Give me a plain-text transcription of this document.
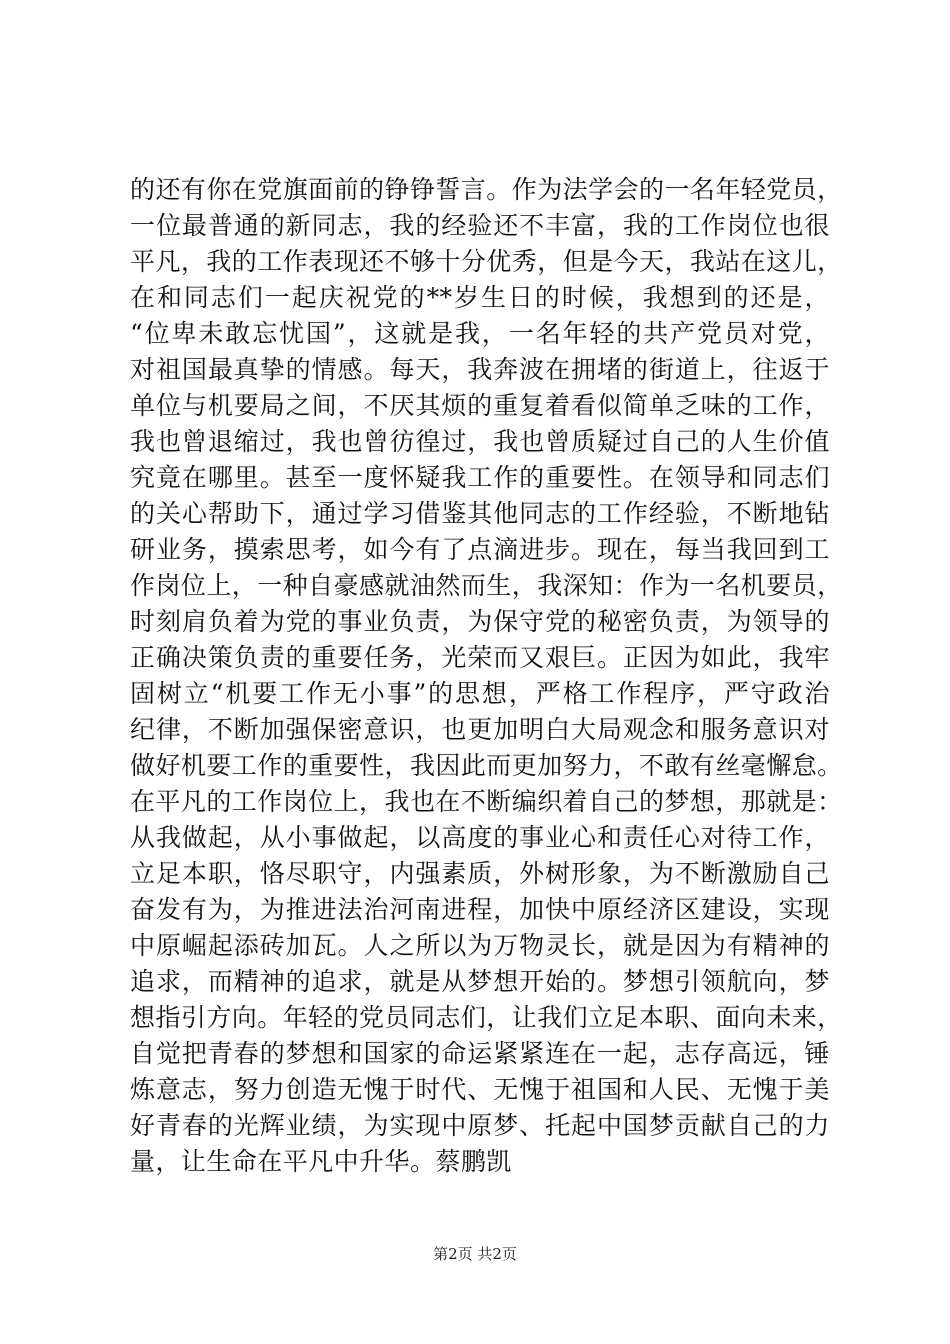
的还有你在党旗面前的铮铮誓言。作为法学会的一名年轻党员，
一位最普通的新同志，我的经验还不丰富，我的工作岗位也很
平凡，我的工作表现还不够十分优秀，但是今天，我站在这儿，
在和同志们一起庆祝党的**岁生日的时候，我想到的还是，
“位卑未敢忘忧国”，这就是我，一名年轻的共产党员对党，
对祖国最真挚的情感。每天，我奔波在拥堵的街道上，往返于
单位与机要局之间，不厌其烦的重复着看似简单乏味的工作，
我也曾退缩过，我也曾彷徨过，我也曾质疑过自己的人生价值
究竟在哪里。甚至一度怀疑我工作的重要性。在领导和同志们
的关心帮助下，通过学习借鉴其他同志的工作经验，不断地钻
研业务，摸索思考，如今有了点滴进步。现在，每当我回到工
作岗位上，一种自豪感就油然而生，我深知：作为一名机要员，
时刻肩负着为党的事业负责，为保守党的秘密负责，为领导的
正确决策负责的重要任务，光荣而又艰巨。正因为如此，我牢
固树立“机要工作无小事”的思想，严格工作程序，严守政治
纪律，不断加强保密意识，也更加明白大局观念和服务意识对
做好机要工作的重要性，我因此而更加努力，不敢有丝毫懈怠。
在平凡的工作岗位上，我也在不断编织着自己的梦想，那就是：
从我做起，从小事做起，以高度的事业心和责任心对待工作，
立足本职，恪尽职守，内强素质，外树形象，为不断激励自己
奋发有为，为推进法治河南进程，加快中原经济区建设，实现
中原崛起添砖加瓦。人之所以为万物灵长，就是因为有精神的
追求，而精神的追求，就是从梦想开始的。梦想引领航向，梦
想指引方向。年轻的党员同志们，让我们立足本职、面向未来，
自觉把青春的梦想和国家的命运紧紧连在一起，志存高远，锤
炼意志，努力创造无愧于时代、无愧于祖国和人民、无愧于美
好青春的光辉业绩，为实现中原梦、托起中国梦贡献自己的力
量，让生命在平凡中升华。蔡鹏凯
第2页 共2页
